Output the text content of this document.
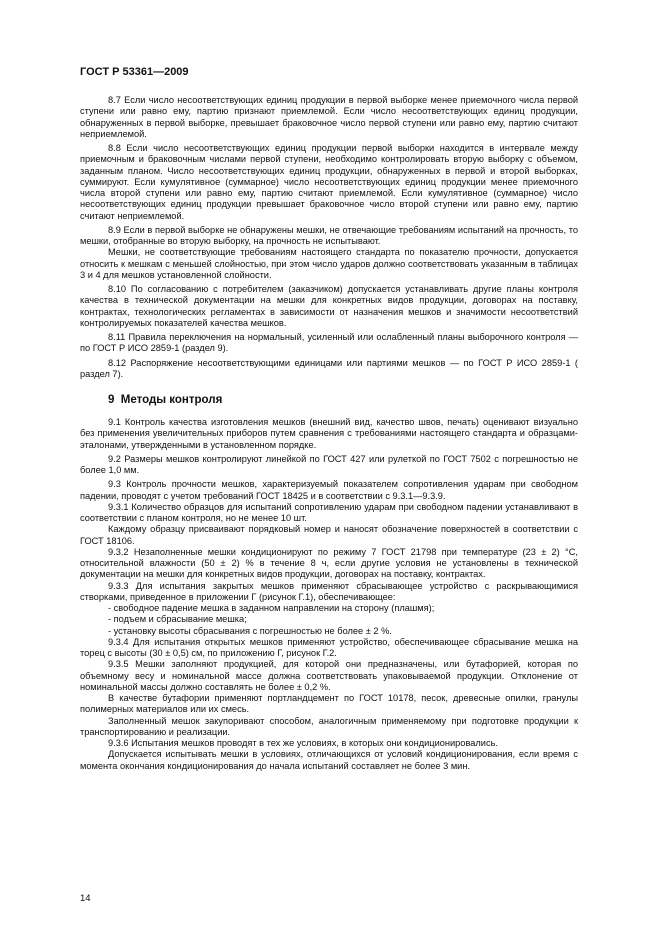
ГОСТ Р 53361—2009

8.7 Если число несоответствующих единиц продукции в первой выборке менее приемочного числа первой ступени или равно ему, партию признают приемлемой. Если число несоответствующих единиц продукции, обнаруженных в первой выборке, превышает браковочное число первой ступени или равно ему, партию считают неприемлемой.

8.8 Если число несоответствующих единиц продукции первой выборки находится в интервале между приемочным и браковочным числами первой ступени, необходимо контролировать вторую выборку с объемом, заданным планом. Число несоответствующих единиц продукции, обнаруженных в первой и второй выборках, суммируют. Если кумулятивное (суммарное) число несоответствующих единиц продукции менее приемочного числа второй ступени или равно ему, партию считают приемлемой. Если кумулятивное (суммарное) число несоответствующих единиц продукции превышает браковочное число второй ступени или равно ему, партию считают неприемлемой.

8.9 Если в первой выборке не обнаружены мешки, не отвечающие требованиям испытаний на прочность, то мешки, отобранные во вторую выборку, на прочность не испытывают.

Мешки, не соответствующие требованиям настоящего стандарта по показателю прочности, допускается относить к мешкам с меньшей слойностью, при этом число ударов должно соответствовать указанным в таблицах 3 и 4 для мешков установленной слойности.

8.10 По согласованию с потребителем (заказчиком) допускается устанавливать другие планы контроля качества в технической документации на мешки для конкретных видов продукции, договорах на поставку, контрактах, технологических регламентах в зависимости от назначения мешков и значимости несоответствий контролируемых показателей качества мешков.

8.11 Правила переключения на нормальный, усиленный или ослабленный планы выборочного контроля — по ГОСТ Р ИСО 2859-1 (раздел 9).

8.12 Распоряжение несоответствующими единицами или партиями мешков — по ГОСТ Р ИСО 2859-1 ( раздел 7).

9 Методы контроля

9.1 Контроль качества изготовления мешков (внешний вид, качество швов, печать) оценивают визуально без применения увеличительных приборов путем сравнения с требованиями настоящего стандарта и образцами-эталонами, утвержденными в установленном порядке.

9.2 Размеры мешков контролируют линейкой по ГОСТ 427 или рулеткой по ГОСТ 7502 с погрешностью не более 1,0 мм.

9.3 Контроль прочности мешков, характеризуемый показателем сопротивления ударам при свободном падении, проводят с учетом требований ГОСТ 18425 и в соответствии с 9.3.1—9.3.9.

9.3.1 Количество образцов для испытаний сопротивлению ударам при свободном падении устанавливают в соответствии с планом контроля, но не менее 10 шт.

Каждому образцу присваивают порядковый номер и наносят обозначение поверхностей в соответствии с ГОСТ 18106.

9.3.2 Незаполненные мешки кондиционируют по режиму 7 ГОСТ 21798 при температуре (23 ± 2) °С, относительной влажности (50 ± 2) % в течение 8 ч, если другие условия не установлены в технической документации на мешки для конкретных видов продукции, договорах на поставку, контрактах.

9.3.3 Для испытания закрытых мешков применяют сбрасывающее устройство с раскрывающимися створками, приведенное в приложении Г (рисунок Г.1), обеспечивающее:

- свободное падение мешка в заданном направлении на сторону (плашмя);
- подъем и сбрасывание мешка;
- установку высоты сбрасывания с погрешностью не более ± 2 %.

9.3.4 Для испытания открытых мешков применяют устройство, обеспечивающее сбрасывание мешка на торец с высоты (30 ± 0,5) см, по приложению Г, рисунок Г.2.

9.3.5 Мешки заполняют продукцией, для которой они предназначены, или бутафорией, которая по объемному весу и номинальной массе должна соответствовать упаковываемой продукции. Отклонение от номинальной массы должно составлять не более ± 0,2 %.

В качестве бутафории применяют портландцемент по ГОСТ 10178, песок, древесные опилки, гранулы полимерных материалов или их смесь.

Заполненный мешок закупоривают способом, аналогичным применяемому при подготовке продукции к транспортированию и реализации.

9.3.6 Испытания мешков проводят в тех же условиях, в которых они кондиционировались.

Допускается испытывать мешки в условиях, отличающихся от условий кондиционирования, если время с момента окончания кондиционирования до начала испытаний составляет не более 3 мин.

14
